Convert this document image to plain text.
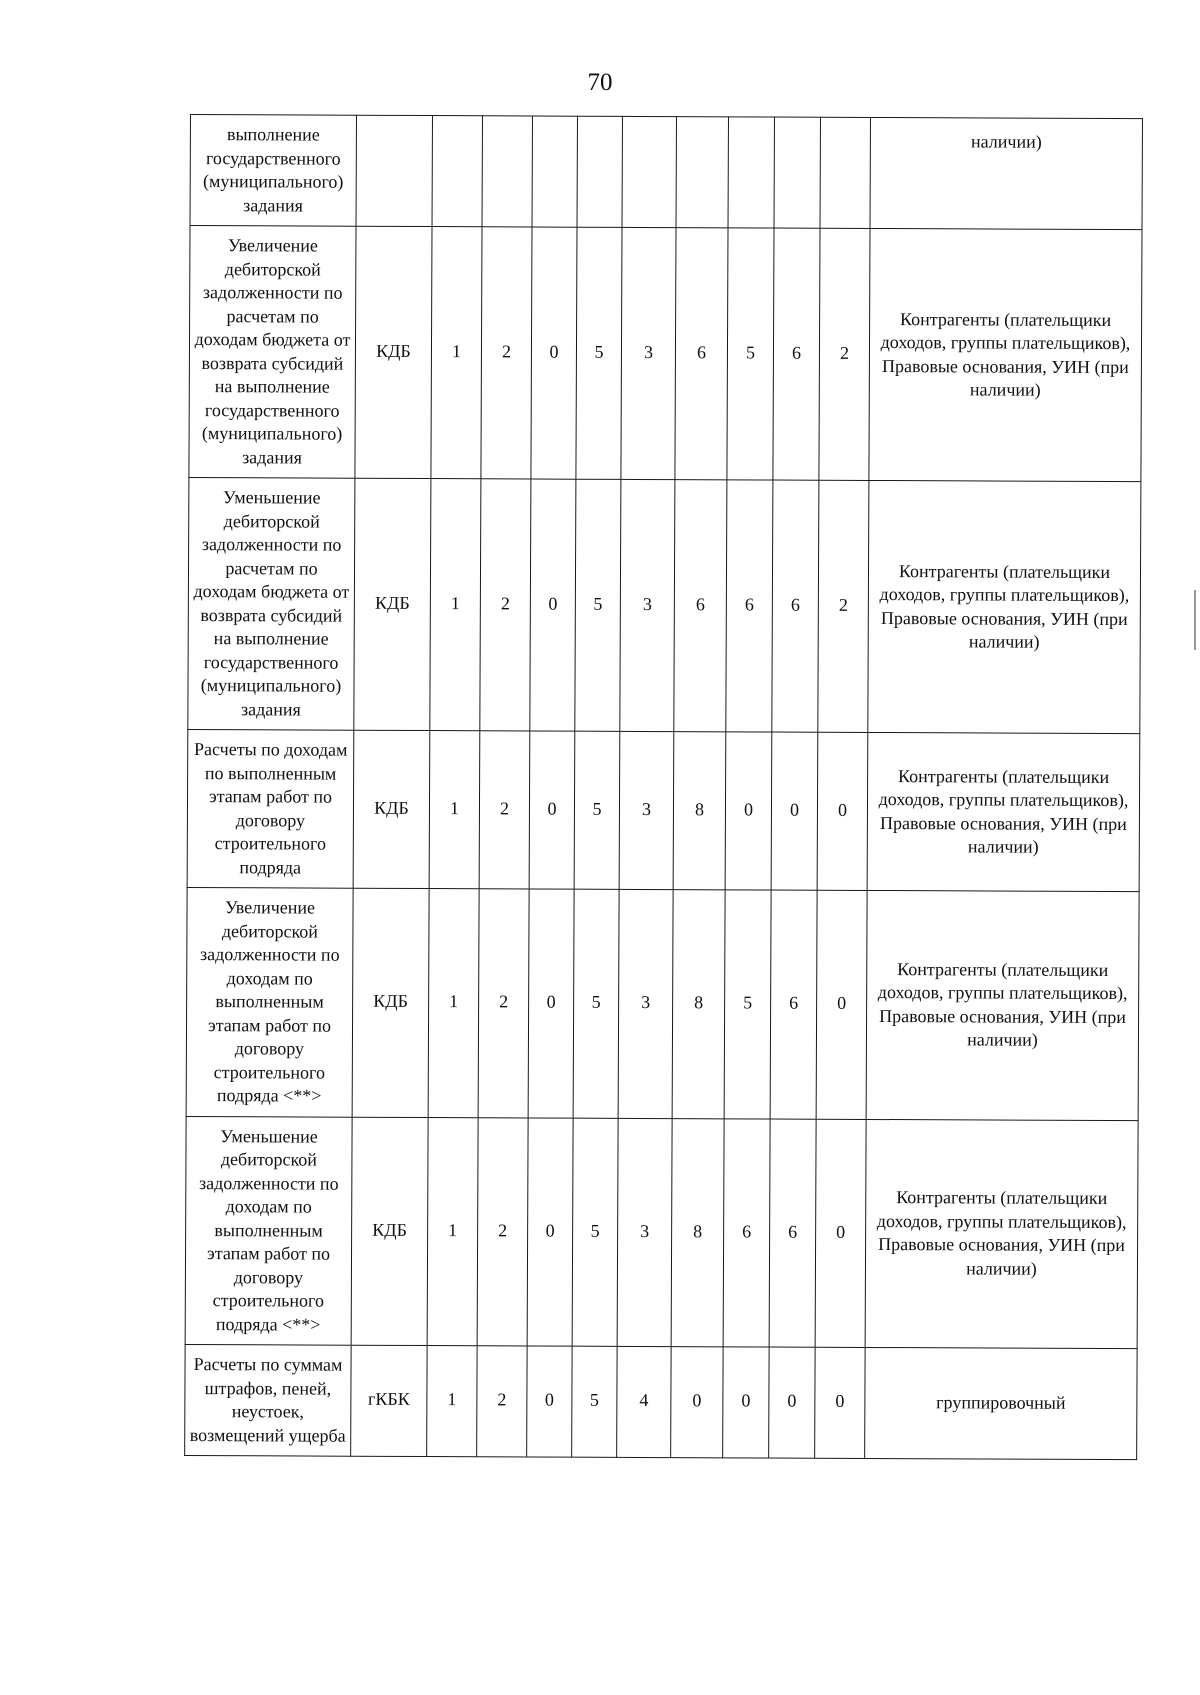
70
выполнение государственного (муниципального) задания											наличии)
Увеличение дебиторской задолженности по расчетам по доходам бюджета от возврата субсидий на выполнение государственного (муниципального) задания	КДБ	1	2	0	5	3	6	5	6	2	Контрагенты (плательщики доходов, группы плательщиков), Правовые основания, УИН (при наличии)
Уменьшение дебиторской задолженности по расчетам по доходам бюджета от возврата субсидий на выполнение государственного (муниципального) задания	КДБ	1	2	0	5	3	6	6	6	2	Контрагенты (плательщики доходов, группы плательщиков), Правовые основания, УИН (при наличии)
Расчеты по доходам по выполненным этапам работ по договору строительного подряда	КДБ	1	2	0	5	3	8	0	0	0	Контрагенты (плательщики доходов, группы плательщиков), Правовые основания, УИН (при наличии)
Увеличение дебиторской задолженности по доходам по выполненным этапам работ по договору строительного подряда <**>	КДБ	1	2	0	5	3	8	5	6	0	Контрагенты (плательщики доходов, группы плательщиков), Правовые основания, УИН (при наличии)
Уменьшение дебиторской задолженности по доходам по выполненным этапам работ по договору строительного подряда <**>	КДБ	1	2	0	5	3	8	6	6	0	Контрагенты (плательщики доходов, группы плательщиков), Правовые основания, УИН (при наличии)
Расчеты по суммам штрафов, пеней, неустоек, возмещений ущерба	гКБК	1	2	0	5	4	0	0	0	0	группировочный
